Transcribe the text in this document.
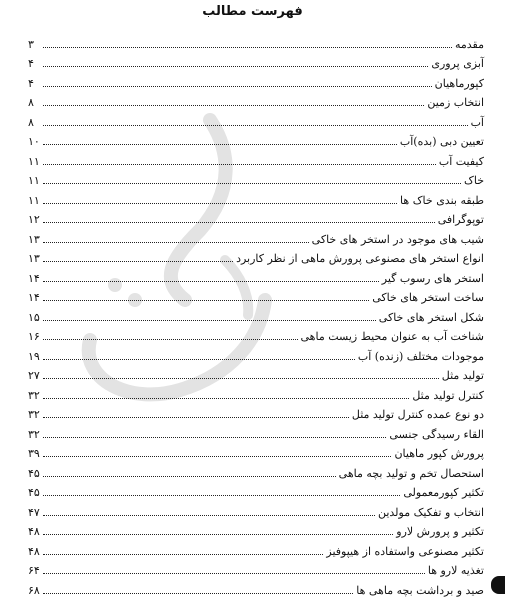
فهرست مطالب
مقدمه
۳
آبزی پروری
۴
کپورماهیان
۴
انتخاب زمین
۸
آب
۸
تعیین دبی (بده)آب
۱۰
کیفیت آب
۱۱
خاک
۱۱
طبقه بندی خاک ها
۱۱
توپوگرافی
۱۲
شیب های موجود در استخر های خاکی
۱۳
انواع استخر های مصنوعی پرورش ماهی از نظر کاربرد
۱۳
استخر های رسوب گیر
۱۴
ساخت استخر های خاکی
۱۴
شکل استخر های خاکی
۱۵
شناخت آب به عنوان محیط زیست ماهی
۱۶
موجودات مختلف (زنده) آب
۱۹
تولید مثل
۲۷
کنترل تولید مثل
۳۲
دو نوع عمده کنترل تولید مثل
۳۲
القاء رسیدگی جنسی
۳۲
پرورش کپور ماهیان
۳۹
استحصال تخم و تولید بچه ماهی
۴۵
تکثیر کپورمعمولی
۴۵
انتخاب و تفکیک مولدین
۴۷
تکثیر و پرورش لارو
۴۸
تکثیر مصنوعی واستفاده از هیپوفیز
۴۸
تغذیه لارو ها
۶۴
صید و برداشت بچه ماهی ها
۶۸
